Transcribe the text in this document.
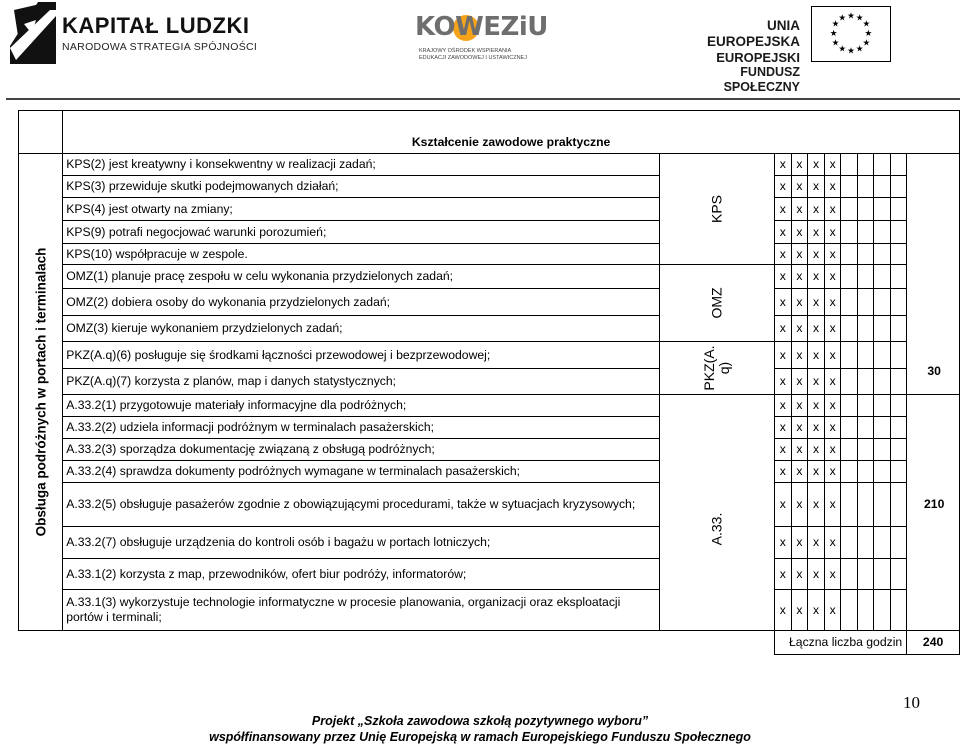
KAPITAŁ LUDZKI
NARODOWA STRATEGIA SPÓJNOŚCI
KOWEZiU
KRAJOWY OŚRODEK WSPIERANIA
EDUKACJI ZAWODOWEJ I USTAWICZNEJ
UNIA EUROPEJSKA
EUROPEJSKI
FUNDUSZ SPOŁECZNY
★ ★
★
★
★
★
★
★
★
★
★
★
	Kształcenie zawodowe praktyczne										

Obsługa podróżnych w portach i terminalach	KPS(2) jest kreatywny i konsekwentny w realizacji zadań;	KPS	x	x	x	x					30

	KPS(3) przewiduje skutki podejmowanych działań;		x	x	x	x					
	KPS(4) jest otwarty na zmiany;		x	x	x	x					
	KPS(9) potrafi negocjować warunki porozumień;		x	x	x	x					
	KPS(10) współpracuje w zespole.		x	x	x	x					
	OMZ(1) planuje pracę zespołu w celu wykonania przydzielonych zadań;	OMZ	x	x	x	x					
	OMZ(2) dobiera osoby do wykonania przydzielonych zadań;		x	x	x	x					
	OMZ(3) kieruje wykonaniem przydzielonych zadań;		x	x	x	x					
	PKZ(A.q)(6) posługuje się środkami łączności przewodowej i bezprzewodowej;	PKZ(A. q)	x	x	x	x					
	PKZ(A.q)(7) korzysta z planów, map i danych statystycznych;		x	x	x	x					
	A.33.2(1) przygotowuje materiały informacyjne dla podróżnych;	A.33.	x	x	x	x					210

	A.33.2(2) udziela informacji podróżnym w terminalach pasażerskich;		x	x	x	x					
	A.33.2(3) sporządza dokumentację związaną z obsługą podróżnych;		x	x	x	x					
	A.33.2(4) sprawdza dokumenty podróżnych wymagane w terminalach pasażerskich;		x	x	x	x					
	A.33.2(5) obsługuje pasażerów zgodnie z obowiązującymi procedurami, także w sytuacjach kryzysowych;		x	x	x	x					
	A.33.2(7) obsługuje urządzenia do kontroli osób i bagażu w portach lotniczych;		x	x	x	x					
	A.33.1(2) korzysta z map, przewodników, ofert biur podróży, informatorów;		x	x	x	x					
	A.33.1(3) wykorzystuje technologie informatyczne w procesie planowania, organizacji oraz eksploatacji portów i terminali;		x	x	x	x					
			Łączna liczba godzin								240
10
Projekt „Szkoła zawodowa szkołą pozytywnego wyboru”
współfinansowany przez Unię Europejską w ramach Europejskiego Funduszu Społecznego
